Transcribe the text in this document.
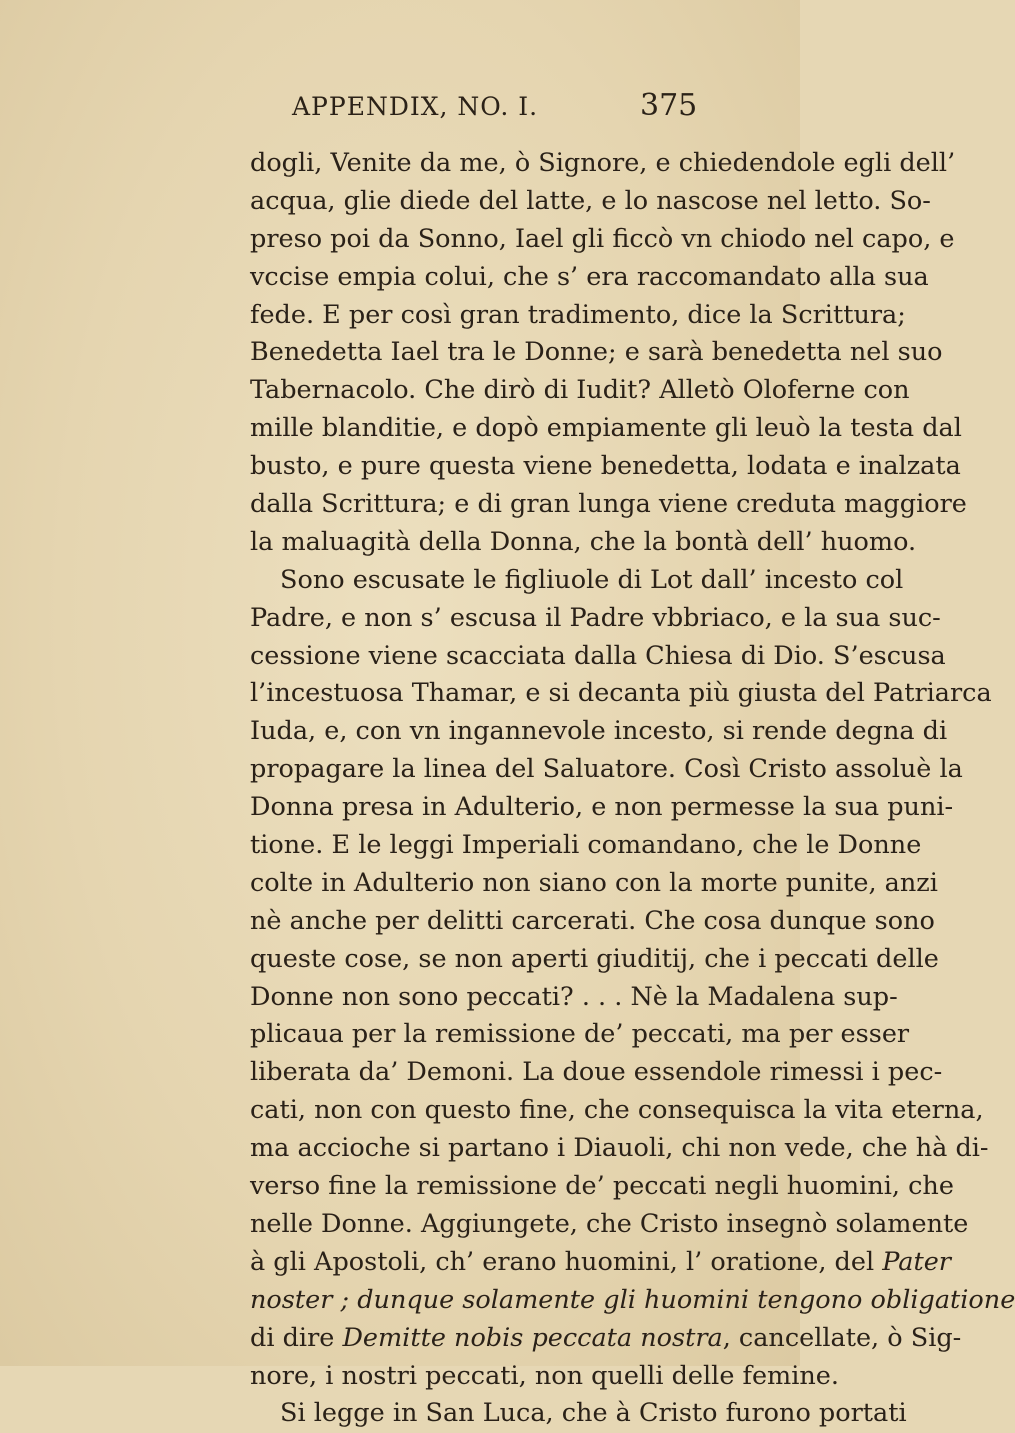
APPENDIX, NO. I.	375
dogli, Venite da me, ò Signore, e chiedendole egli dell’
acqua, glie diede del latte, e lo nascose nel letto. So-
preso poi da Sonno, Iael gli ficcò vn chiodo nel capo, e
vccise empia colui, che s’ era raccomandato alla sua
fede. E per così gran tradimento, dice la Scrittura;
Benedetta Iael tra le Donne; e sarà benedetta nel suo
Tabernacolo. Che dirò di Iudit? Alletò Oloferne con
mille blanditie, e dopò empiamente gli leuò la testa dal
busto, e pure questa viene benedetta, lodata e inalzata
dalla Scrittura; e di gran lunga viene creduta maggiore
la maluagità della Donna, che la bontà dell’ huomo.
Sono escusate le figliuole di Lot dall’ incesto col
Padre, e non s’ escusa il Padre vbbriaco, e la sua suc-
cessione viene scacciata dalla Chiesa di Dio. S’escusa
l’incestuosa Thamar, e si decanta più giusta del Patriarca
Iuda, e, con vn ingannevole incesto, si rende degna di
propagare la linea del Saluatore. Così Cristo assoluè la
Donna presa in Adulterio, e non permesse la sua puni-
tione. E le leggi Imperiali comandano, che le Donne
colte in Adulterio non siano con la morte punite, anzi
nè anche per delitti carcerati. Che cosa dunque sono
queste cose, se non aperti giuditij, che i peccati delle
Donne non sono peccati? . . . Nè la Madalena sup-
plicaua per la remissione de’ peccati, ma per esser
liberata da’ Demoni. La doue essendole rimessi i pec-
cati, non con questo fine, che consequisca la vita eterna,
ma accioche si partano i Diauoli, chi non vede, che hà di-
verso fine la remissione de’ peccati negli huomini, che
nelle Donne. Aggiungete, che Cristo insegnò solamente
à gli Apostoli, ch’ erano huomini, l’ oratione, del Pater
noster ; dunque solamente gli huomini tengono obligatione
di dire Demitte nobis peccata nostra, cancellate, ò Sig-
nore, i nostri peccati, non quelli delle femine.
Si legge in San Luca, che à Cristo furono portati
